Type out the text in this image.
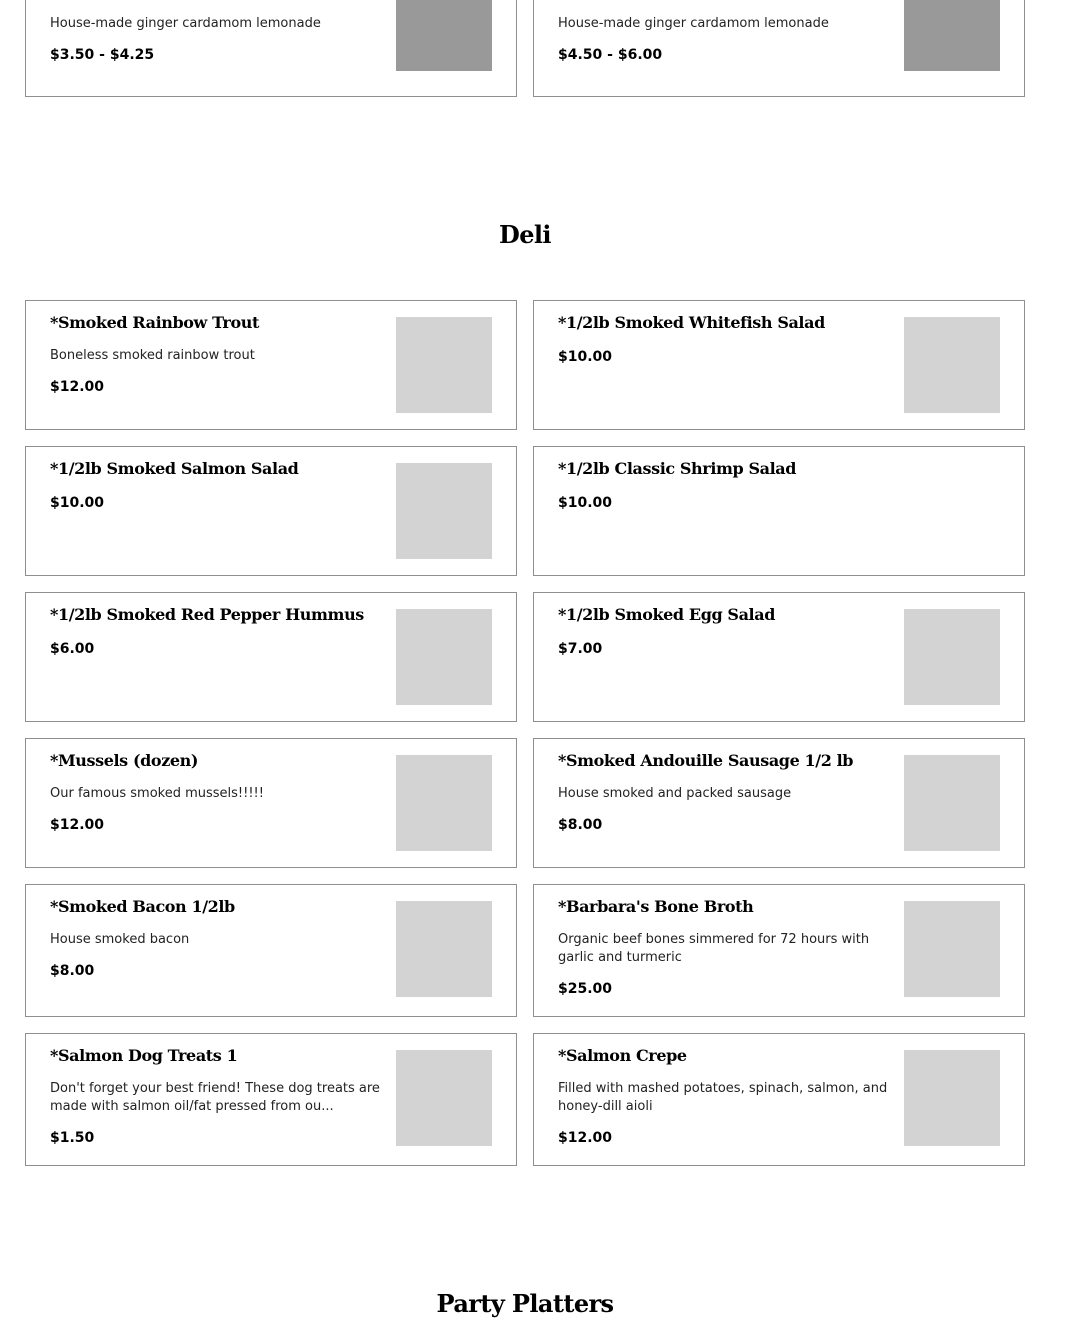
House-made ginger cardamom lemonade

$3.50 - $4.25

House-made ginger cardamom lemonade

$4.50 - $6.00

Deli
*Smoked Rainbow Trout

Boneless smoked rainbow trout

$12.00

*1/2lb Smoked Whitefish Salad

$10.00

*1/2lb Smoked Salmon Salad

$10.00

*1/2lb Classic Shrimp Salad

$10.00

*1/2lb Smoked Red Pepper Hummus

$6.00

*1/2lb Smoked Egg Salad

$7.00

*Mussels (dozen)

Our famous smoked mussels!!!!!

$12.00

*Smoked Andouille Sausage 1/2 lb

House smoked and packed sausage

$8.00

*Smoked Bacon 1/2lb

House smoked bacon

$8.00

*Barbara's Bone Broth

Organic beef bones simmered for 72 hours with garlic and turmeric

$25.00

*Salmon Dog Treats 1

Don't forget your best friend! These dog treats are made with salmon oil/fat pressed from ou...

$1.50

*Salmon Crepe

Filled with mashed potatoes, spinach, salmon, and honey-dill aioli

$12.00

Party Platters
